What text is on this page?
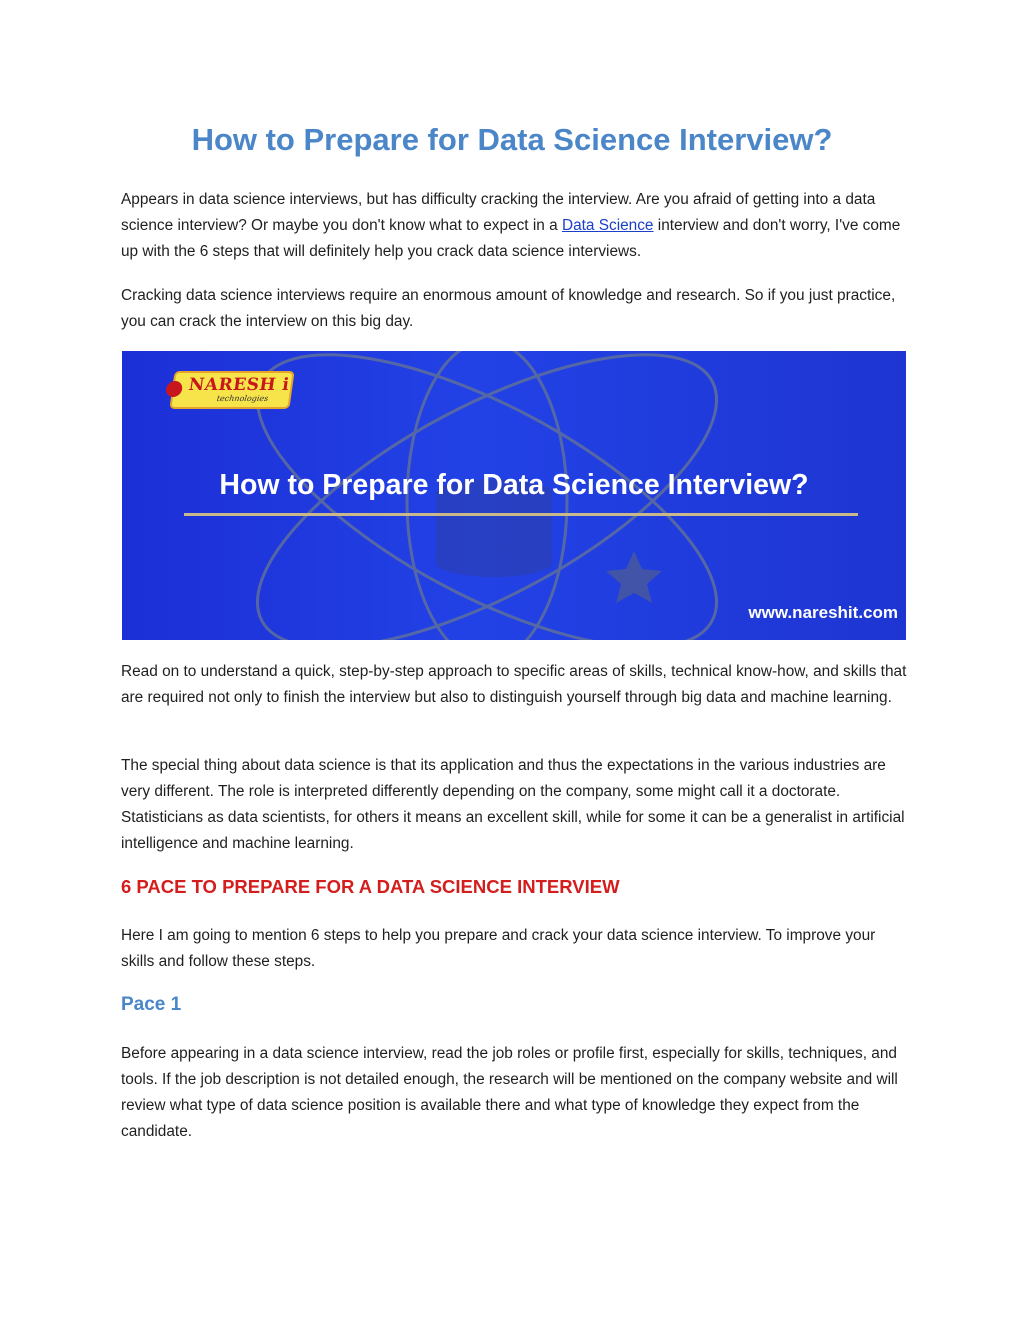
How to Prepare for Data Science Interview?

Appears in data science interviews, but has difficulty cracking the interview. Are you afraid of getting into a data science interview? Or maybe you don't know what to expect in a Data Science interview and don't worry, I've come up with the 6 steps that will definitely help you crack data science interviews.

Cracking data science interviews require an enormous amount of knowledge and research. So if you just practice, you can crack the interview on this big day.

NARESH i
technologies
How to Prepare for Data Science Interview?
www.nareshit.com

Read on to understand a quick, step-by-step approach to specific areas of skills, technical know-how, and skills that are required not only to finish the interview but also to distinguish yourself through big data and machine learning.

The special thing about data science is that its application and thus the expectations in the various industries are very different. The role is interpreted differently depending on the company, some might call it a doctorate. Statisticians as data scientists, for others it means an excellent skill, while for some it can be a generalist in artificial intelligence and machine learning.

6 PACE TO PREPARE FOR A DATA SCIENCE INTERVIEW

Here I am going to mention 6 steps to help you prepare and crack your data science interview. To improve your skills and follow these steps.

Pace 1

Before appearing in a data science interview, read the job roles or profile first, especially for skills, techniques, and tools. If the job description is not detailed enough, the research will be mentioned on the company website and will review what type of data science position is available there and what type of knowledge they expect from the candidate.
